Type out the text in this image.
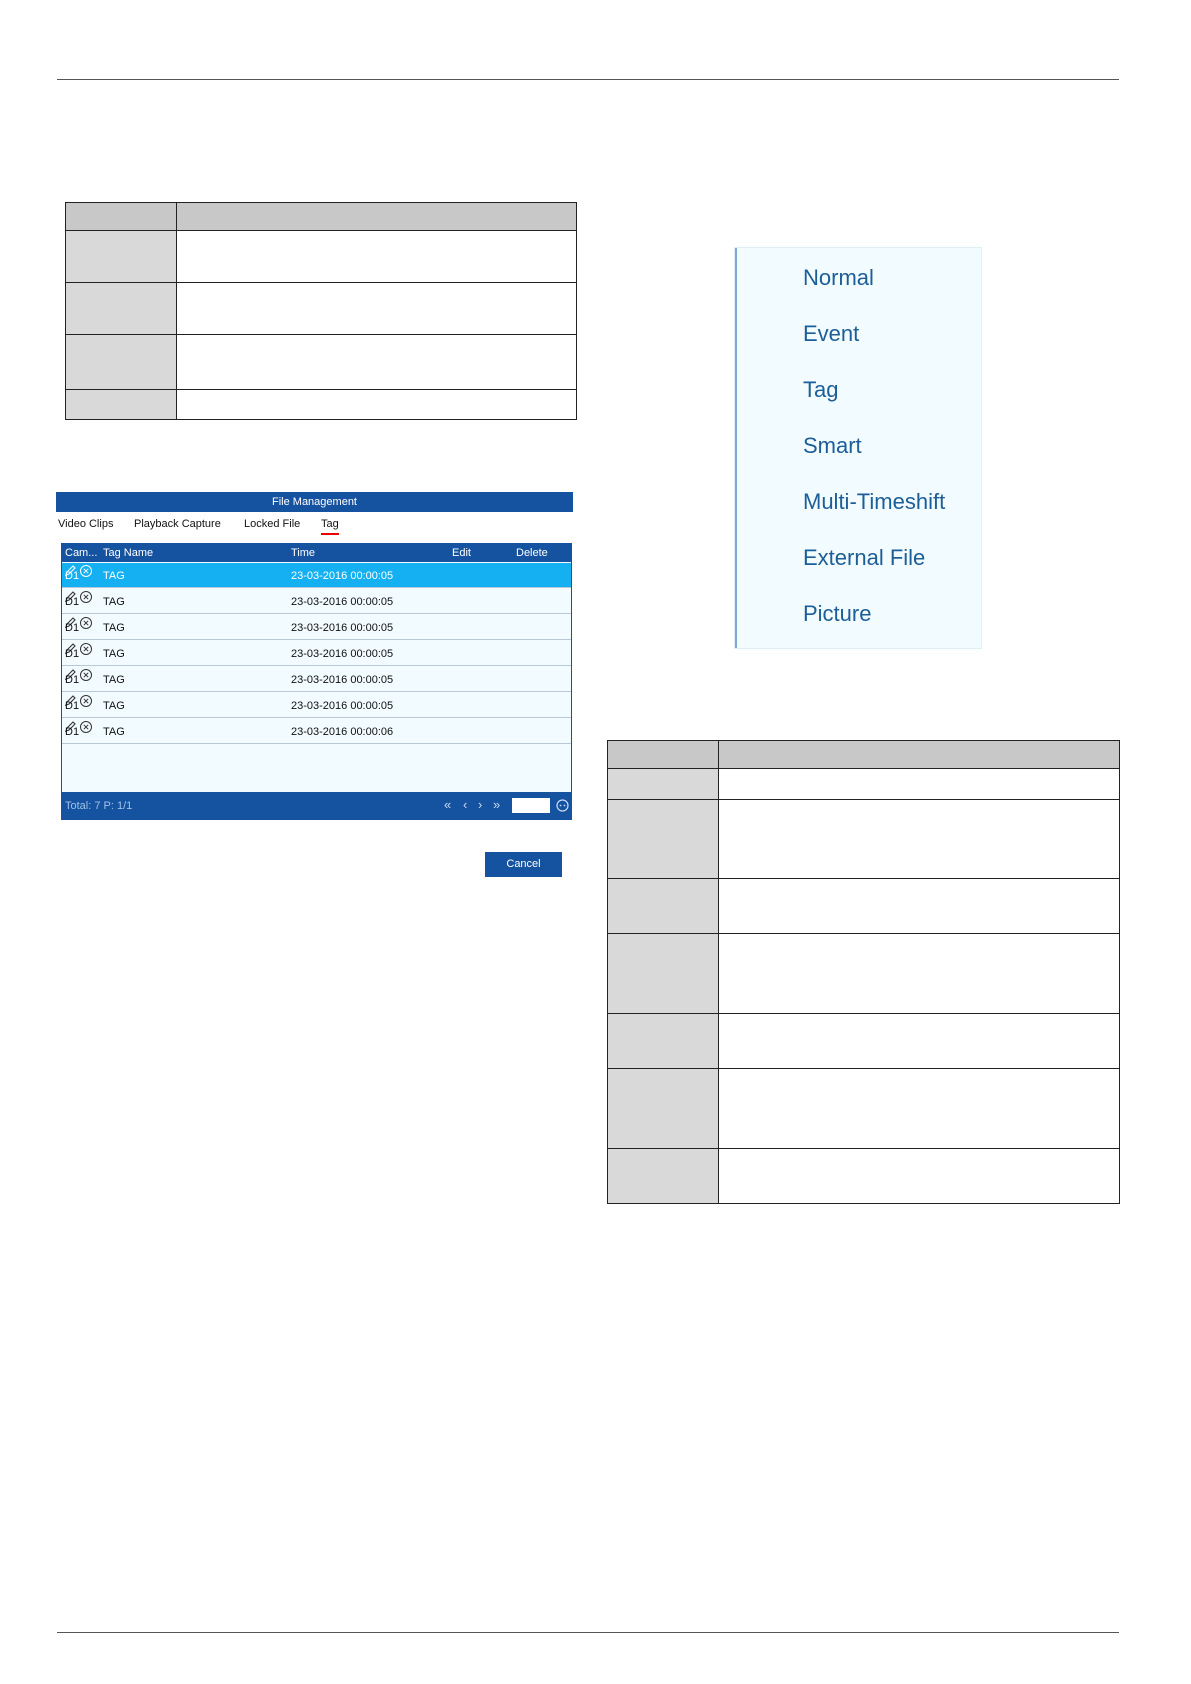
File Management
Video Clips Playback Capture Locked File Tag
Cam... Tag Name	Time	Edit	Delete
D1 TAG	23-03-2016 00:00:05
D1 TAG	23-03-2016 00:00:05
D1 TAG	23-03-2016 00:00:05
D1 TAG	23-03-2016 00:00:05
D1 TAG	23-03-2016 00:00:05
D1 TAG	23-03-2016 00:00:05
D1 TAG	23-03-2016 00:00:06
Total: 7 P: 1/1	« ‹ › »
Cancel
Normal
Event
Tag
Smart
Multi-Timeshift
External File
Picture
